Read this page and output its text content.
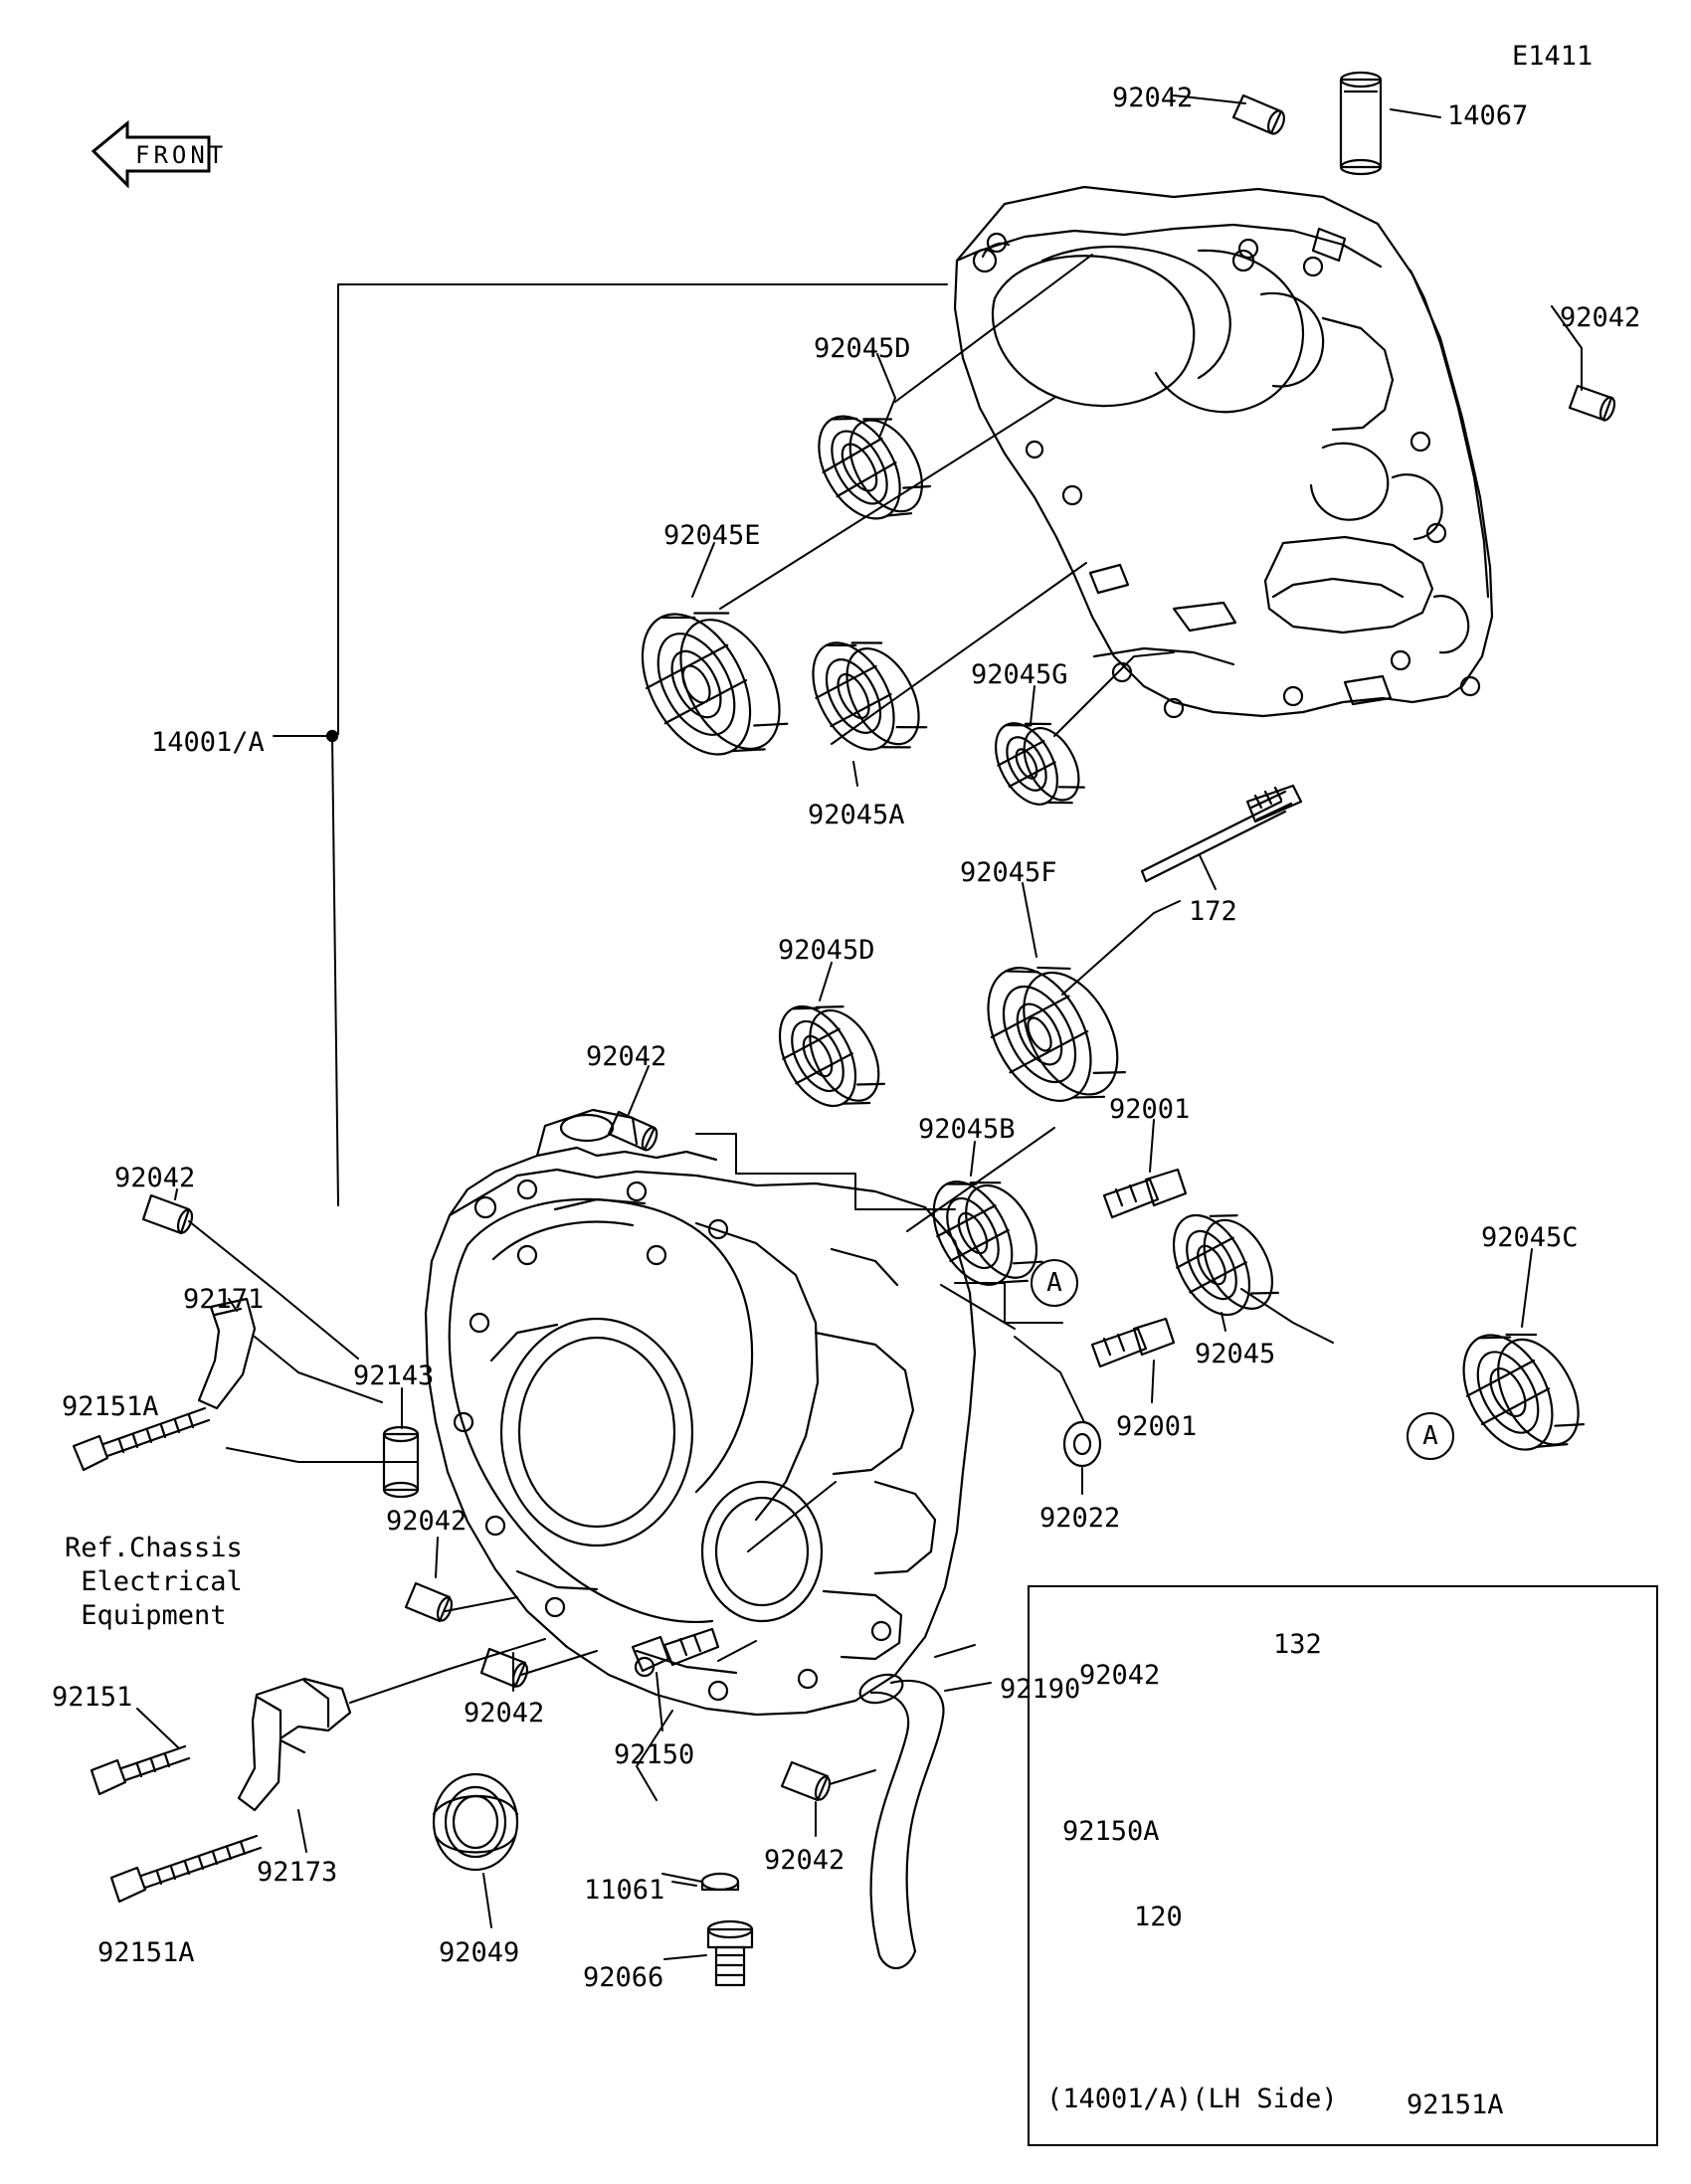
FRONT
A
A
(14001/A)(LH Side)
E1411
92042
14067
92042
92045D
92045E
92045G
14001/A
92045A
172
92045F
92045D
92042
92045B
92001
92042
92045C
92171
92045
92143
92151A
92001
92022
92042
Ref.Chassis
Electrical
Equipment
132
92042
92151
92042
92190
92150
92150A
92173
120
92042
11061
92049
92151A
92066
92151A
